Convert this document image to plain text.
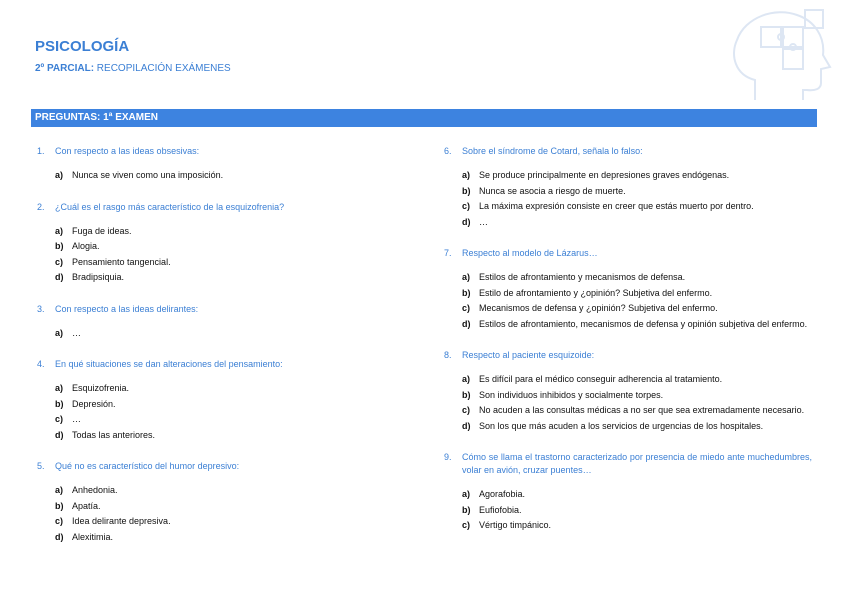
PSICOLOGÍA
2º PARCIAL: RECOPILACIÓN EXÁMENES
PREGUNTAS: 1ª EXAMEN
1.	Con respecto a las ideas obsesivas:
a) Nunca se viven como una imposición.
2.	¿Cuál es el rasgo más característico de la esquizofrenia?
a) Fuga de ideas.
b) Alogia.
c) Pensamiento tangencial.
d) Bradipsiquia.
3.	Con respecto a las ideas delirantes:
a) …
4.	En qué situaciones se dan alteraciones del pensamiento:
a) Esquizofrenia.
b) Depresión.
c) …
d) Todas las anteriores.
5.	Qué no es característico del humor depresivo:
a) Anhedonia.
b) Apatía.
c) Idea delirante depresiva.
d) Alexitimia.
6.	Sobre el síndrome de Cotard, señala lo falso:
a) Se produce principalmente en depresiones graves endógenas.
b) Nunca se asocia a riesgo de muerte.
c) La máxima expresión consiste en creer que estás muerto por dentro.
d) …
7.	Respecto al modelo de Lázarus…
a) Estilos de afrontamiento y mecanismos de defensa.
b) Estilo de afrontamiento y ¿opinión? Subjetiva del enfermo.
c) Mecanismos de defensa y ¿opinión? Subjetiva del enfermo.
d) Estilos de afrontamiento, mecanismos de defensa y opinión subjetiva del enfermo.
8.	Respecto al paciente esquizoide:
a) Es difícil para el médico conseguir adherencia al tratamiento.
b) Son individuos inhibidos y socialmente torpes.
c) No acuden a las consultas médicas a no ser que sea extremadamente necesario.
d) Son los que más acuden a los servicios de urgencias de los hospitales.
9.	Cómo se llama el trastorno caracterizado por presencia de miedo ante muchedumbres, volar en avión, cruzar puentes…
a) Agorafobia.
b) Eufiofobia.
c) Vértigo timpánico.
